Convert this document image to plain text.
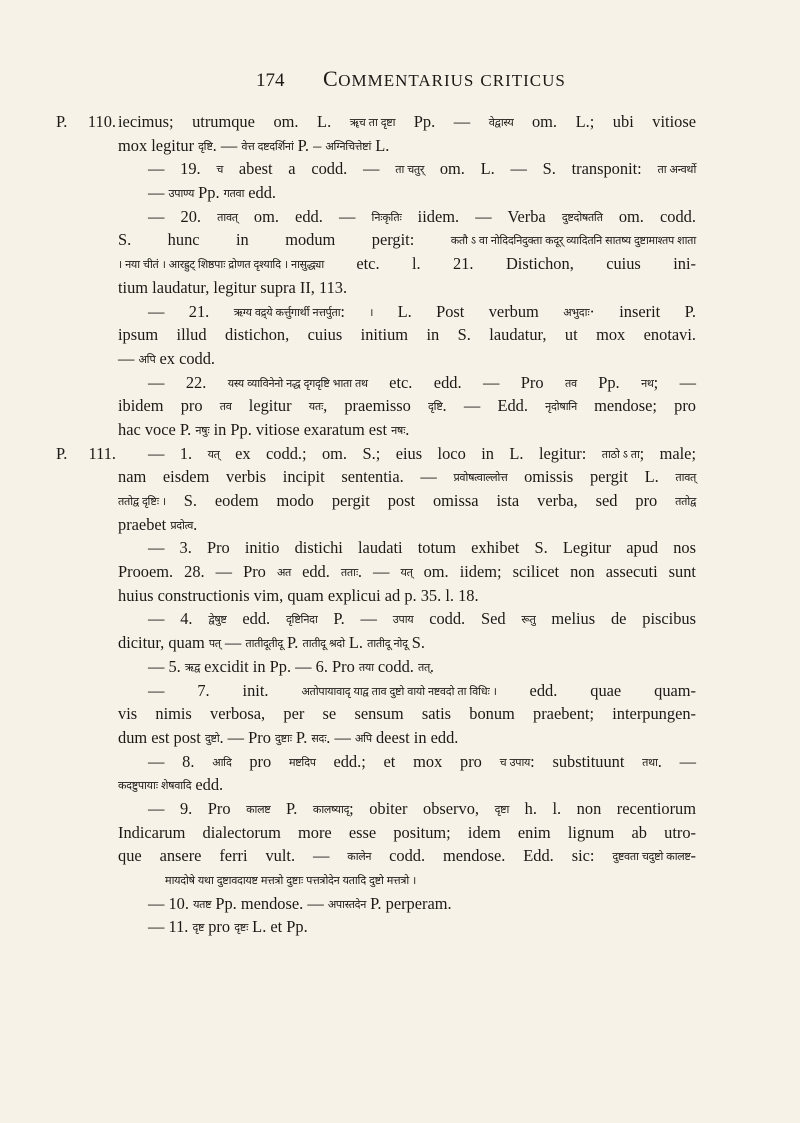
174 COMMENTARIUS CRITICUS
P. 110. iecimus; utrumque om. L. ॠच ता दृष्टा Pp. — वेद्वास्य om. L.; ubi vitiose
mox legitur दृष्टि. — वेत्त दष्टदर्शिनां P. – अग्निचित्तेष्टां L.
— 19. च abest a codd. — ता चतुर् om. L. — S. transponit: ता अन्वर्थो
— उपाण्य Pp. गतवा edd.
— 20. तावत् om. edd. — निःकृतिः iidem. — Verba दुष्टदोषतति om. codd.
S. hunc in modum pergit: कतौ ऽ वा नोदिदनिदुक्ता कदूर् व्यादितनि सातष्य दुष्टामाश्तप शाता
। नया चीतं । आरह्रुट् शिष्ठपाः द्रोणत दृश्यादि । नासुद्ध्या etc. l. 21. Distichon, cuius ini-
tium laudatur, legitur supra II, 113.
— 21. ऋग्य वद्र्ये कर्त्तुगार्थी नत्तर्पुता: । L. Post verbum अभुदाः· inserit P.
ipsum illud distichon, cuius initium in S. laudatur, ut mox enotavi.
— अपि ex codd.
— 22. यस्य व्याविनेनो नद्ध दृगदृष्टि भाता तथ etc. edd. — Pro तव Pp. नथ; —
ibidem pro तव legitur यतः, praemisso दृष्टि. — Edd. नृदोषानि mendose; pro
hac voce P. नषुः in Pp. vitiose exaratum est नषः.
P. 111. — 1. यत् ex codd.; om. S.; eius loco in L. legitur: ताठो ऽ ता; male;
nam eisdem verbis incipit sententia. — प्रवोषत्वाल्लोत्त omissis pergit L. तावत्
ततोद्व दृष्टिः । S. eodem modo pergit post omissa ista verba, sed pro ततोद्व
praebet प्रदोत्व.
— 3. Pro initio distichi laudati totum exhibet S. Legitur apud nos
Prooem. 28. — Pro अत edd. तताः. — यत् om. iidem; scilicet non assecuti sunt
huius constructionis vim, quam explicui ad p. 35. l. 18.
— 4. द्वेषुष्ट edd. दृष्टिनिदा P. — उपाय codd. Sed रूतु melius de piscibus
dicitur, quam पत् — तातीदूतीदू P. तातीदू श्रदो L. तातीदू नोदू S.
— 5. ऋद्व excidit in Pp. — 6. Pro तया codd. तत्.
— 7. init. अतोपायावादृ याद्व ताव दुष्टो वायो नष्टवदो ता विधिः । edd. quae quam-
vis nimis verbosa, per se sensum satis bonum praebent; interpungen-
dum est post दुष्टो. — Pro दुष्टाः P. सदः. — अपि deest in edd.
— 8. आदि pro मष्टदिप edd.; et mox pro च उपाय: substituunt तथा. —
कदष्टुपायाः शेषवादि edd.
— 9. Pro कालष्ट P. कालष्यादृ; obiter observo, दृष्टा h. l. non recentiorum
Indicarum dialectorum more esse positum; idem enim lignum ab utro-
que ansere ferri vult. — कालेन codd. mendose. Edd. sic: दुष्टवता चदुष्टो कालष्ट-
मायदोषे यथा दुष्टावदायष्ट मत्तत्रो दुष्टाः पत्तत्रोदेन यतादि दुष्टो मत्तत्रो ।
— 10. यतष्ट Pp. mendose. — अपास्तदेन P. perperam.
— 11. दृष्ट pro दृष्टः L. et Pp.
